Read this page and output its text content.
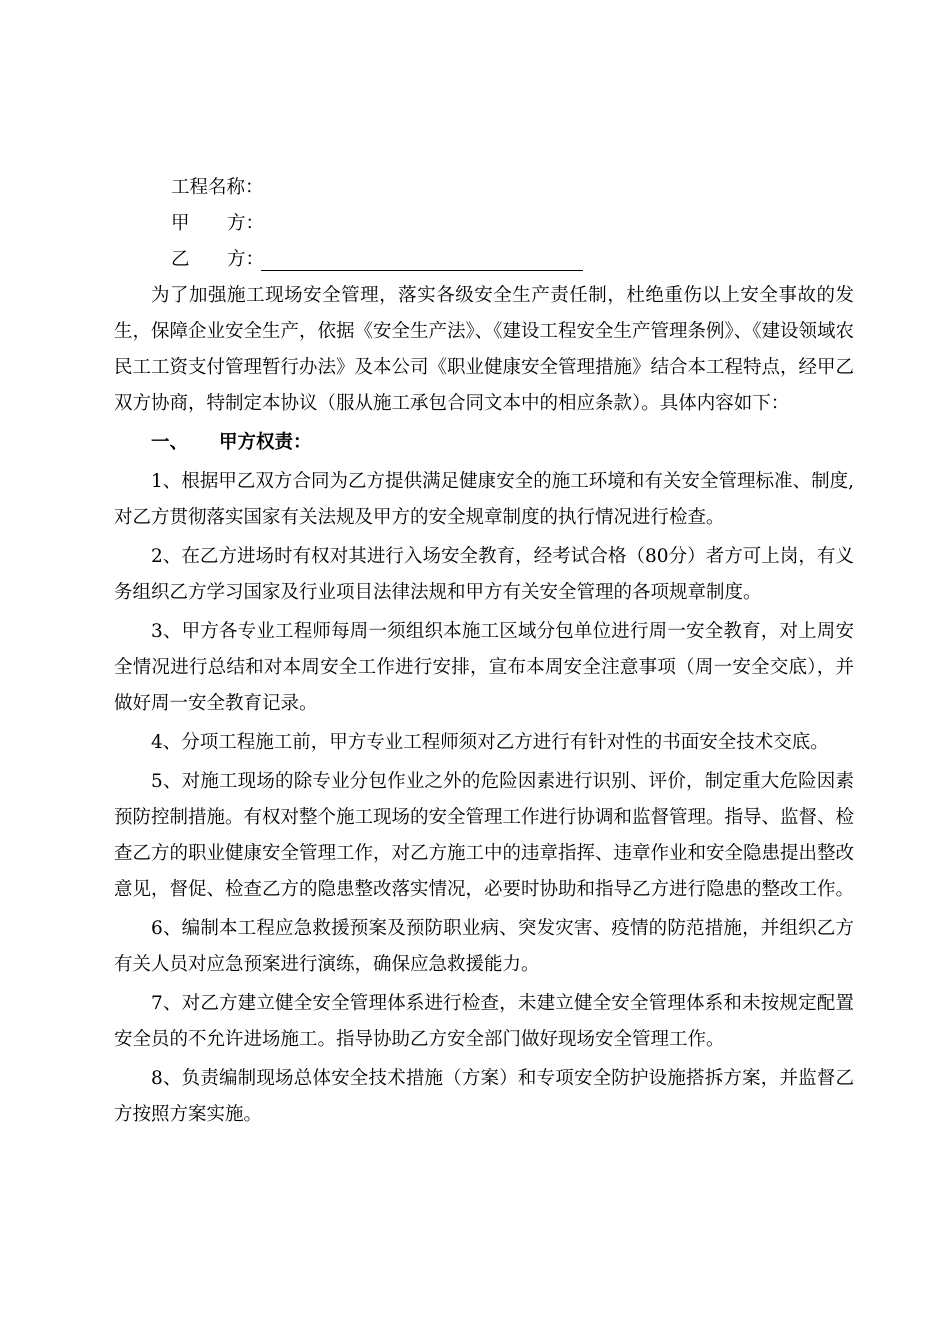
工程名称：
甲 方：
乙 方：

为了加强施工现场安全管理，落实各级安全生产责任制，杜绝重伤以上安全事故的发生，保障企业安全生产，依据《安全生产法》、《建设工程安全生产管理条例》、《建设领域农民工工资支付管理暂行办法》及本公司《职业健康安全管理措施》结合本工程特点，经甲乙双方协商，特制定本协议（服从施工承包合同文本中的相应条款）。具体内容如下：

一、 甲方权责：

1、根据甲乙双方合同为乙方提供满足健康安全的施工环境和有关安全管理标准、制度,对乙方贯彻落实国家有关法规及甲方的安全规章制度的执行情况进行检查。

2、在乙方进场时有权对其进行入场安全教育，经考试合格（80分）者方可上岗，有义务组织乙方学习国家及行业项目法律法规和甲方有关安全管理的各项规章制度。

3、甲方各专业工程师每周一须组织本施工区域分包单位进行周一安全教育，对上周安全情况进行总结和对本周安全工作进行安排，宣布本周安全注意事项（周一安全交底），并做好周一安全教育记录。

4、分项工程施工前，甲方专业工程师须对乙方进行有针对性的书面安全技术交底。

5、对施工现场的除专业分包作业之外的危险因素进行识别、评价，制定重大危险因素预防控制措施。有权对整个施工现场的安全管理工作进行协调和监督管理。指导、监督、检查乙方的职业健康安全管理工作，对乙方施工中的违章指挥、违章作业和安全隐患提出整改意见，督促、检查乙方的隐患整改落实情况，必要时协助和指导乙方进行隐患的整改工作。

6、编制本工程应急救援预案及预防职业病、突发灾害、疫情的防范措施，并组织乙方有关人员对应急预案进行演练，确保应急救援能力。

7、对乙方建立健全安全管理体系进行检查，未建立健全安全管理体系和未按规定配置安全员的不允许进场施工。指导协助乙方安全部门做好现场安全管理工作。

8、负责编制现场总体安全技术措施（方案）和专项安全防护设施搭拆方案，并监督乙方按照方案实施。
